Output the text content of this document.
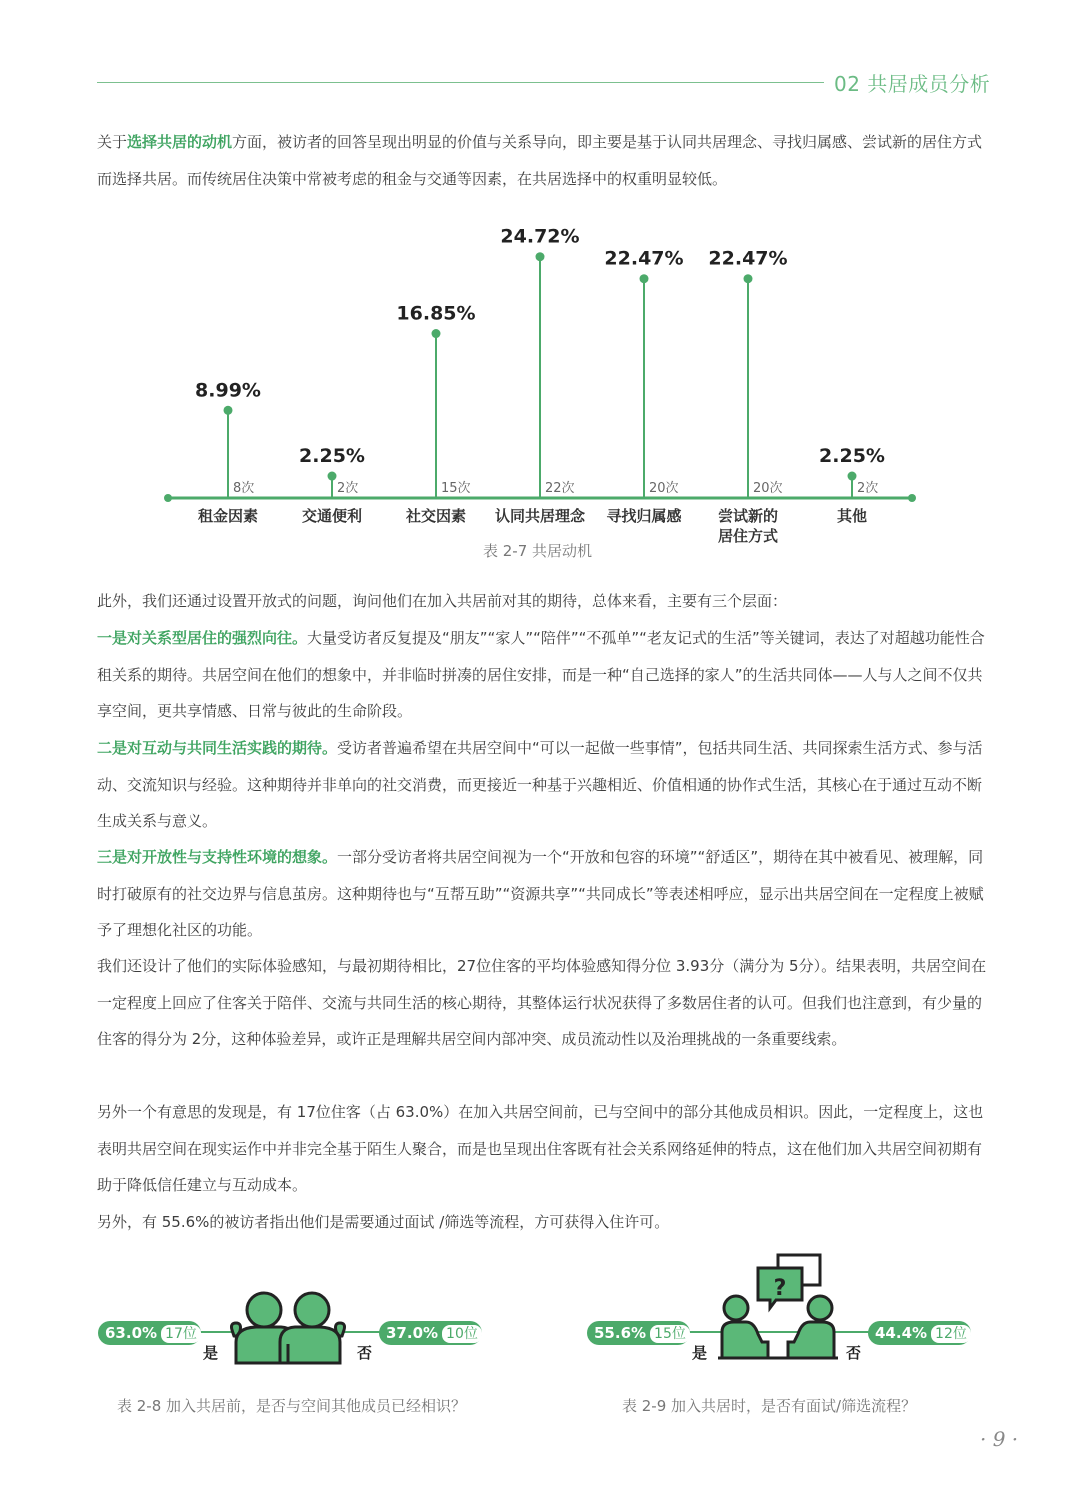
02 共居成员分析

关于选择共居的动机方面，被访者的回答呈现出明显的价值与关系导向，即主要是基于认同共居理念、寻找归属感、尝试新的居住方式而选择共居。而传统居住决策中常被考虑的租金与交通等因素，在共居选择中的权重明显较低。

8.99%
8次
租金因素
2.25%
2次
交通便利
16.85%
15次
社交因素
24.72%
22次
认同共居理念
22.47%
20次
寻找归属感
22.47%
20次
尝试新的
居住方式
2.25%
2次
其他
表 2-7 共居动机

此外，我们还通过设置开放式的问题，询问他们在加入共居前对其的期待，总体来看，主要有三个层面：

一是对关系型居住的强烈向往。大量受访者反复提及“朋友”“家人”“陪伴”“不孤单”“老友记式的生活”等关键词，表达了对超越功能性合租关系的期待。共居空间在他们的想象中，并非临时拼凑的居住安排，而是一种“自己选择的家人”的生活共同体——人与人之间不仅共享空间，更共享情感、日常与彼此的生命阶段。

二是对互动与共同生活实践的期待。受访者普遍希望在共居空间中“可以一起做一些事情”，包括共同生活、共同探索生活方式、参与活动、交流知识与经验。这种期待并非单向的社交消费，而更接近一种基于兴趣相近、价值相通的协作式生活，其核心在于通过互动不断生成关系与意义。

三是对开放性与支持性环境的想象。一部分受访者将共居空间视为一个“开放和包容的环境”“舒适区”，期待在其中被看见、被理解，同时打破原有的社交边界与信息茧房。这种期待也与“互帮互助”“资源共享”“共同成长”等表述相呼应，显示出共居空间在一定程度上被赋予了理想化社区的功能。

我们还设计了他们的实际体验感知，与最初期待相比，27位住客的平均体验感知得分位 3.93分（满分为 5分）。结果表明，共居空间在一定程度上回应了住客关于陪伴、交流与共同生活的核心期待，其整体运行状况获得了多数居住者的认可。但我们也注意到，有少量的住客的得分为 2分，这种体验差异，或许正是理解共居空间内部冲突、成员流动性以及治理挑战的一条重要线索。

另外一个有意思的发现是，有 17位住客（占 63.0%）在加入共居空间前，已与空间中的部分其他成员相识。因此，一定程度上，这也表明共居空间在现实运作中并非完全基于陌生人聚合，而是也呈现出住客既有社会关系网络延伸的特点，这在他们加入共居空间初期有助于降低信任建立与互动成本。

另外，有 55.6%的被访者指出他们是需要通过面试 /筛选等流程，方可获得入住许可。

63.0% 17位	37.0% 10位
是	否
表 2-8 加入共居前，是否与空间其他成员已经相识？
?
55.6% 15位	44.4% 12位
是	否
表 2-9 加入共居时，是否有面试/筛选流程？
· 9 ·
